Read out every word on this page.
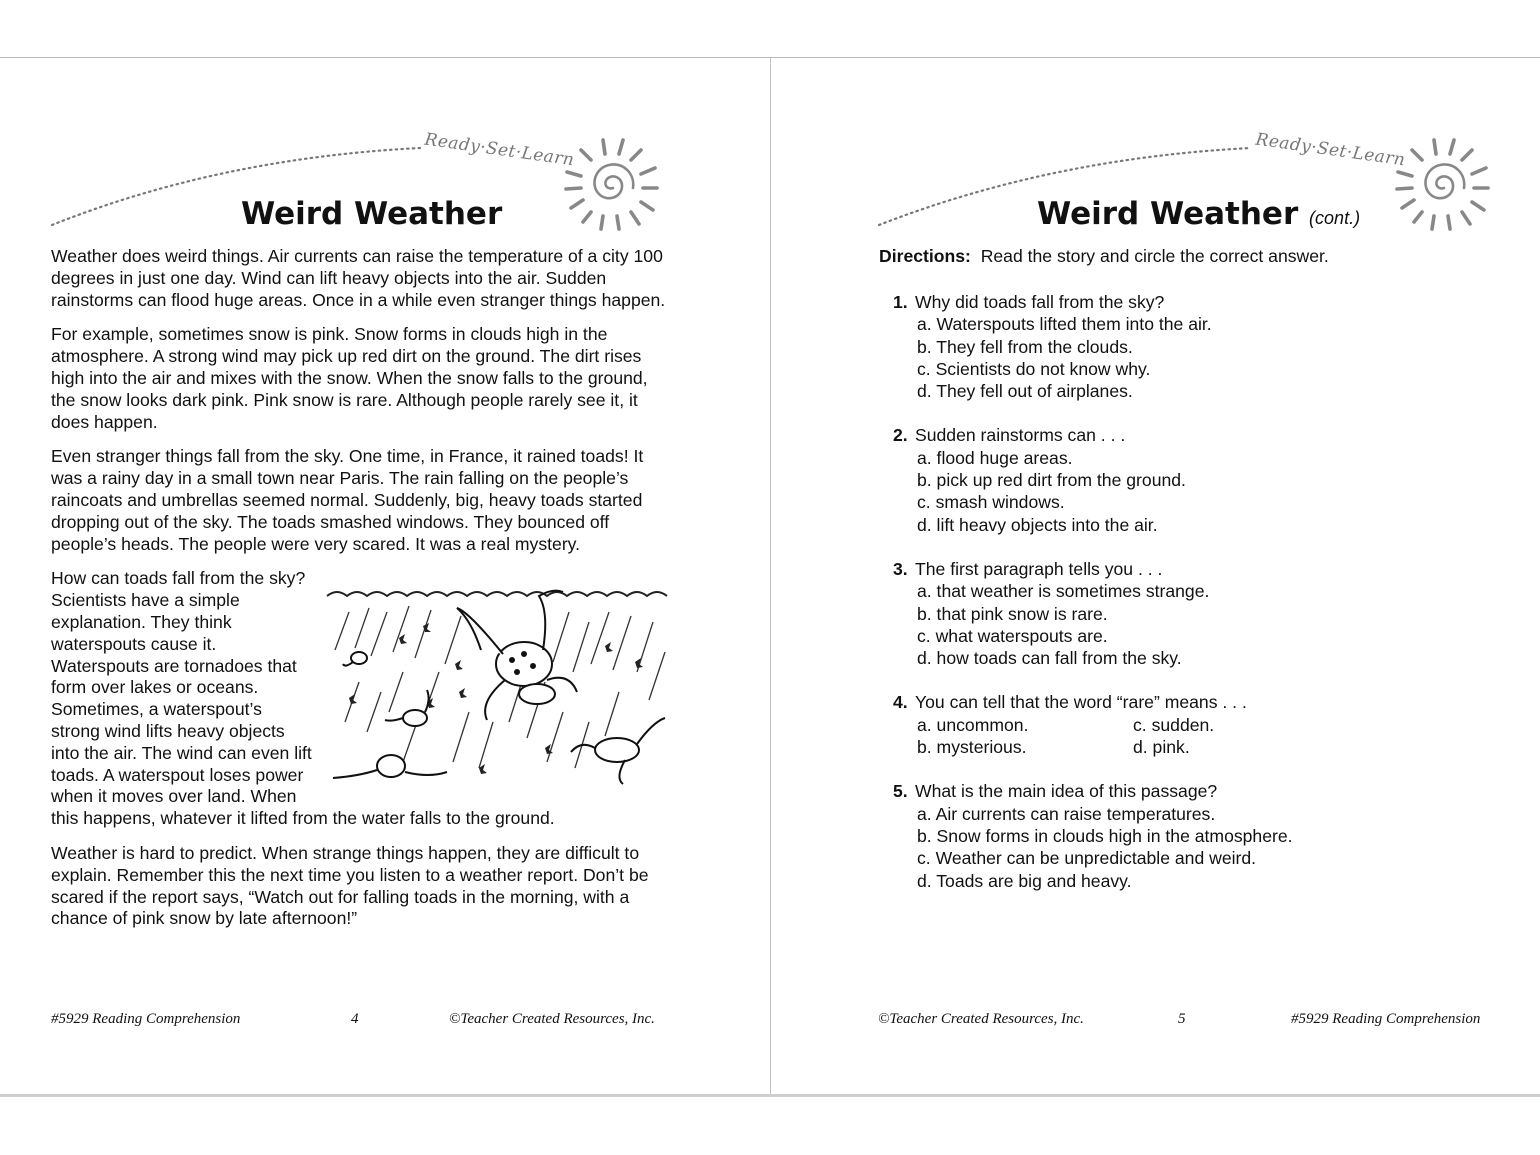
Ready·Set·Learn
Weird Weather

Weather does weird things. Air currents can raise the temperature of a city 100 degrees in just one day. Wind can lift heavy objects into the air. Sudden rainstorms can flood huge areas. Once in a while even stranger things happen.

For example, sometimes snow is pink. Snow forms in clouds high in the atmosphere. A strong wind may pick up red dirt on the ground. The dirt rises high into the air and mixes with the snow. When the snow falls to the ground, the snow looks dark pink. Pink snow is rare. Although people rarely see it, it does happen.

Even stranger things fall from the sky. One time, in France, it rained toads! It was a rainy day in a small town near Paris. The rain falling on the people’s raincoats and umbrellas seemed normal. Suddenly, big, heavy toads started dropping out of the sky. The toads smashed windows. They bounced off people’s heads. The people were very scared. It was a real mystery.

How can toads fall from the sky? Scientists have a simple explanation. They think waterspouts cause it. Waterspouts are tornadoes that form over lakes or oceans. Sometimes, a waterspout’s strong wind lifts heavy objects into the air. The wind can even lift toads. A waterspout loses power when it moves over land. When this happens, whatever it lifted from the water falls to the ground.

Weather is hard to predict. When strange things happen, they are difficult to explain. Remember this the next time you listen to a weather report. Don’t be scared if the report says, “Watch out for falling toads in the morning, with a chance of pink snow by late afternoon!”

#5929 Reading Comprehension	4	©Teacher Created Resources, Inc.
Ready·Set·Learn
Weird Weather (cont.)
Directions: Read the story and circle the correct answer.
1. Why did toads fall from the sky?
a. Waterspouts lifted them into the air.
b. They fell from the clouds.
c. Scientists do not know why.
d. They fell out of airplanes.
2. Sudden rainstorms can . . .
a. flood huge areas.
b. pick up red dirt from the ground.
c. smash windows.
d. lift heavy objects into the air.
3. The first paragraph tells you . . .
a. that weather is sometimes strange.
b. that pink snow is rare.
c. what waterspouts are.
d. how toads can fall from the sky.
4. You can tell that the word “rare” means . . .
a. uncommon.	c. sudden.
b. mysterious.	d. pink.
5. What is the main idea of this passage?
a. Air currents can raise temperatures.
b. Snow forms in clouds high in the atmosphere.
c. Weather can be unpredictable and weird.
d. Toads are big and heavy.
©Teacher Created Resources, Inc.	5	#5929 Reading Comprehension
